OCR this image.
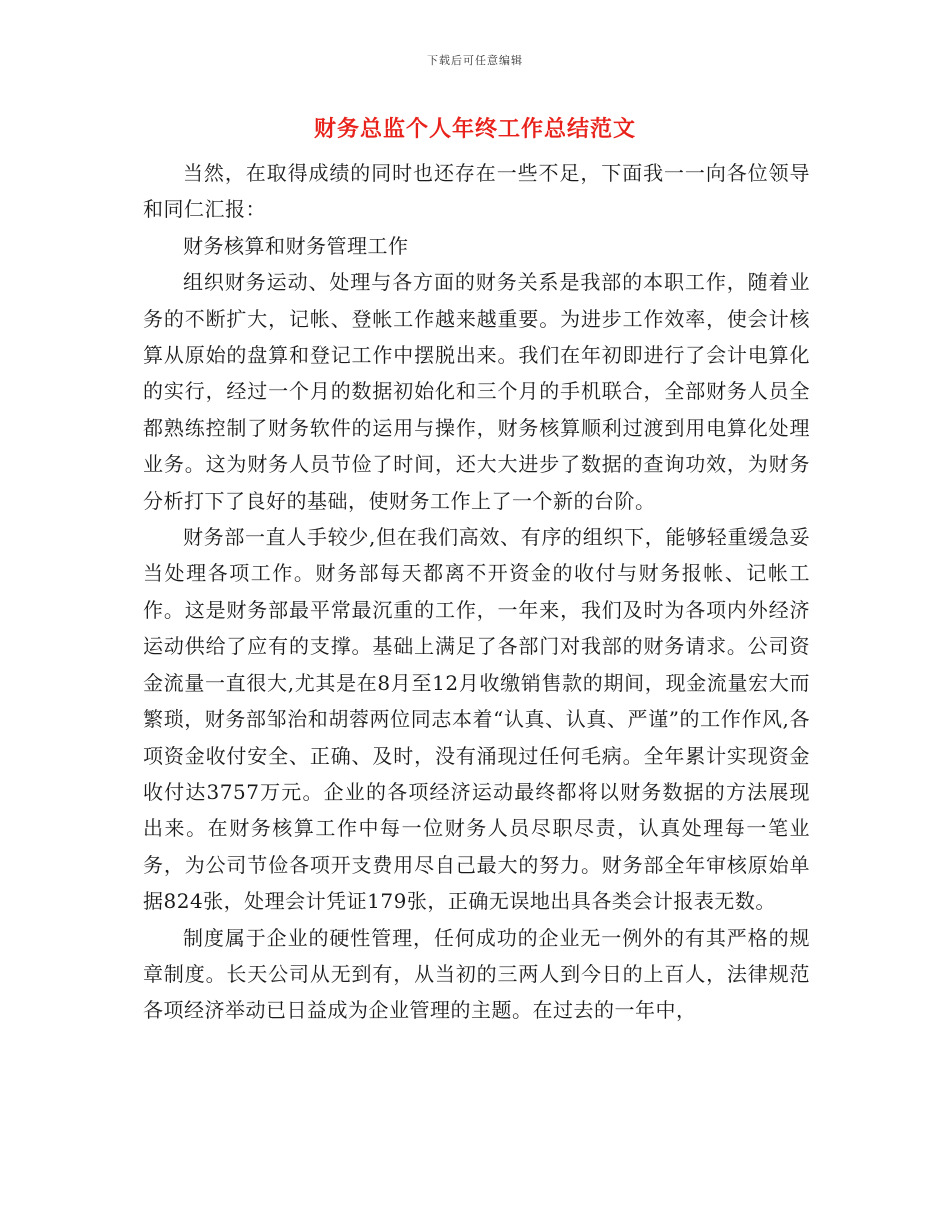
下载后可任意编辑
财务总监个人年终工作总结范文

当然，在取得成绩的同时也还存在一些不足，下面我一一向各位领导和同仁汇报：

财务核算和财务管理工作

组织财务运动、处理与各方面的财务关系是我部的本职工作，随着业务的不断扩大，记帐、登帐工作越来越重要。为进步工作效率，使会计核算从原始的盘算和登记工作中摆脱出来。我们在年初即进行了会计电算化的实行，经过一个月的数据初始化和三个月的手机联合，全部财务人员全都熟练控制了财务软件的运用与操作，财务核算顺利过渡到用电算化处理业务。这为财务人员节俭了时间，还大大进步了数据的查询功效，为财务分析打下了良好的基础，使财务工作上了一个新的台阶。

财务部一直人手较少,但在我们高效、有序的组织下，能够轻重缓急妥当处理各项工作。财务部每天都离不开资金的收付与财务报帐、记帐工作。这是财务部最平常最沉重的工作，一年来，我们及时为各项内外经济运动供给了应有的支撑。基础上满足了各部门对我部的财务请求。公司资金流量一直很大,尤其是在8月至12月收缴销售款的期间，现金流量宏大而繁琐，财务部邹治和胡蓉两位同志本着“认真、认真、严谨”的工作作风,各项资金收付安全、正确、及时，没有涌现过任何毛病。全年累计实现资金收付达3757万元。企业的各项经济运动最终都将以财务数据的方法展现出来。在财务核算工作中每一位财务人员尽职尽责，认真处理每一笔业务，为公司节俭各项开支费用尽自己最大的努力。财务部全年审核原始单据824张，处理会计凭证179张，正确无误地出具各类会计报表无数。

制度属于企业的硬性管理，任何成功的企业无一例外的有其严格的规章制度。长天公司从无到有，从当初的三两人到今日的上百人，法律规范各项经济举动已日益成为企业管理的主题。在过去的一年中，
